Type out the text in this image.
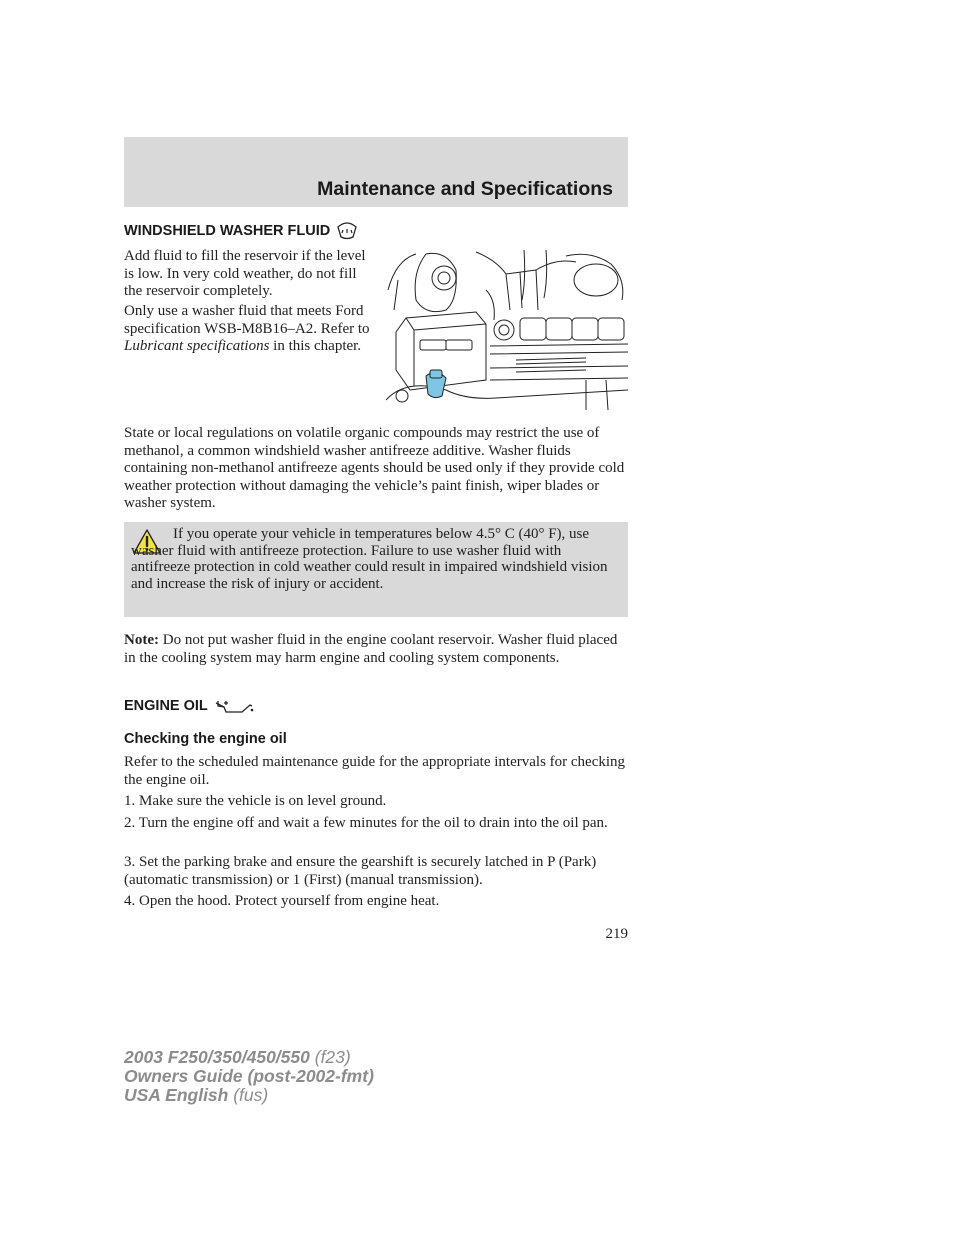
Maintenance and Specifications
WINDSHIELD WASHER FLUID

Add fluid to fill the reservoir if the level is low. In very cold weather, do not fill the reservoir completely.

Only use a washer fluid that meets Ford specification WSB-M8B16–A2. Refer to Lubricant specifications in this chapter.

State or local regulations on volatile organic compounds may restrict the use of methanol, a common windshield washer antifreeze additive. Washer fluids containing non-methanol antifreeze agents should be used only if they provide cold weather protection without damaging the vehicle’s paint finish, wiper blades or washer system.

If you operate your vehicle in temperatures below 4.5° C (40° F), use washer fluid with antifreeze protection. Failure to use washer fluid with antifreeze protection in cold weather could result in impaired windshield vision and increase the risk of injury or accident.

Note: Do not put washer fluid in the engine coolant reservoir. Washer fluid placed in the cooling system may harm engine and cooling system components.

ENGINE OIL
Checking the engine oil

Refer to the scheduled maintenance guide for the appropriate intervals for checking the engine oil.

1. Make sure the vehicle is on level ground.

2. Turn the engine off and wait a few minutes for the oil to drain into the oil pan.

3. Set the parking brake and ensure the gearshift is securely latched in P (Park) (automatic transmission) or 1 (First) (manual transmission).

4. Open the hood. Protect yourself from engine heat.

219
2003 F250/350/450/550 (f23)
Owners Guide (post-2002-fmt)
USA English (fus)
